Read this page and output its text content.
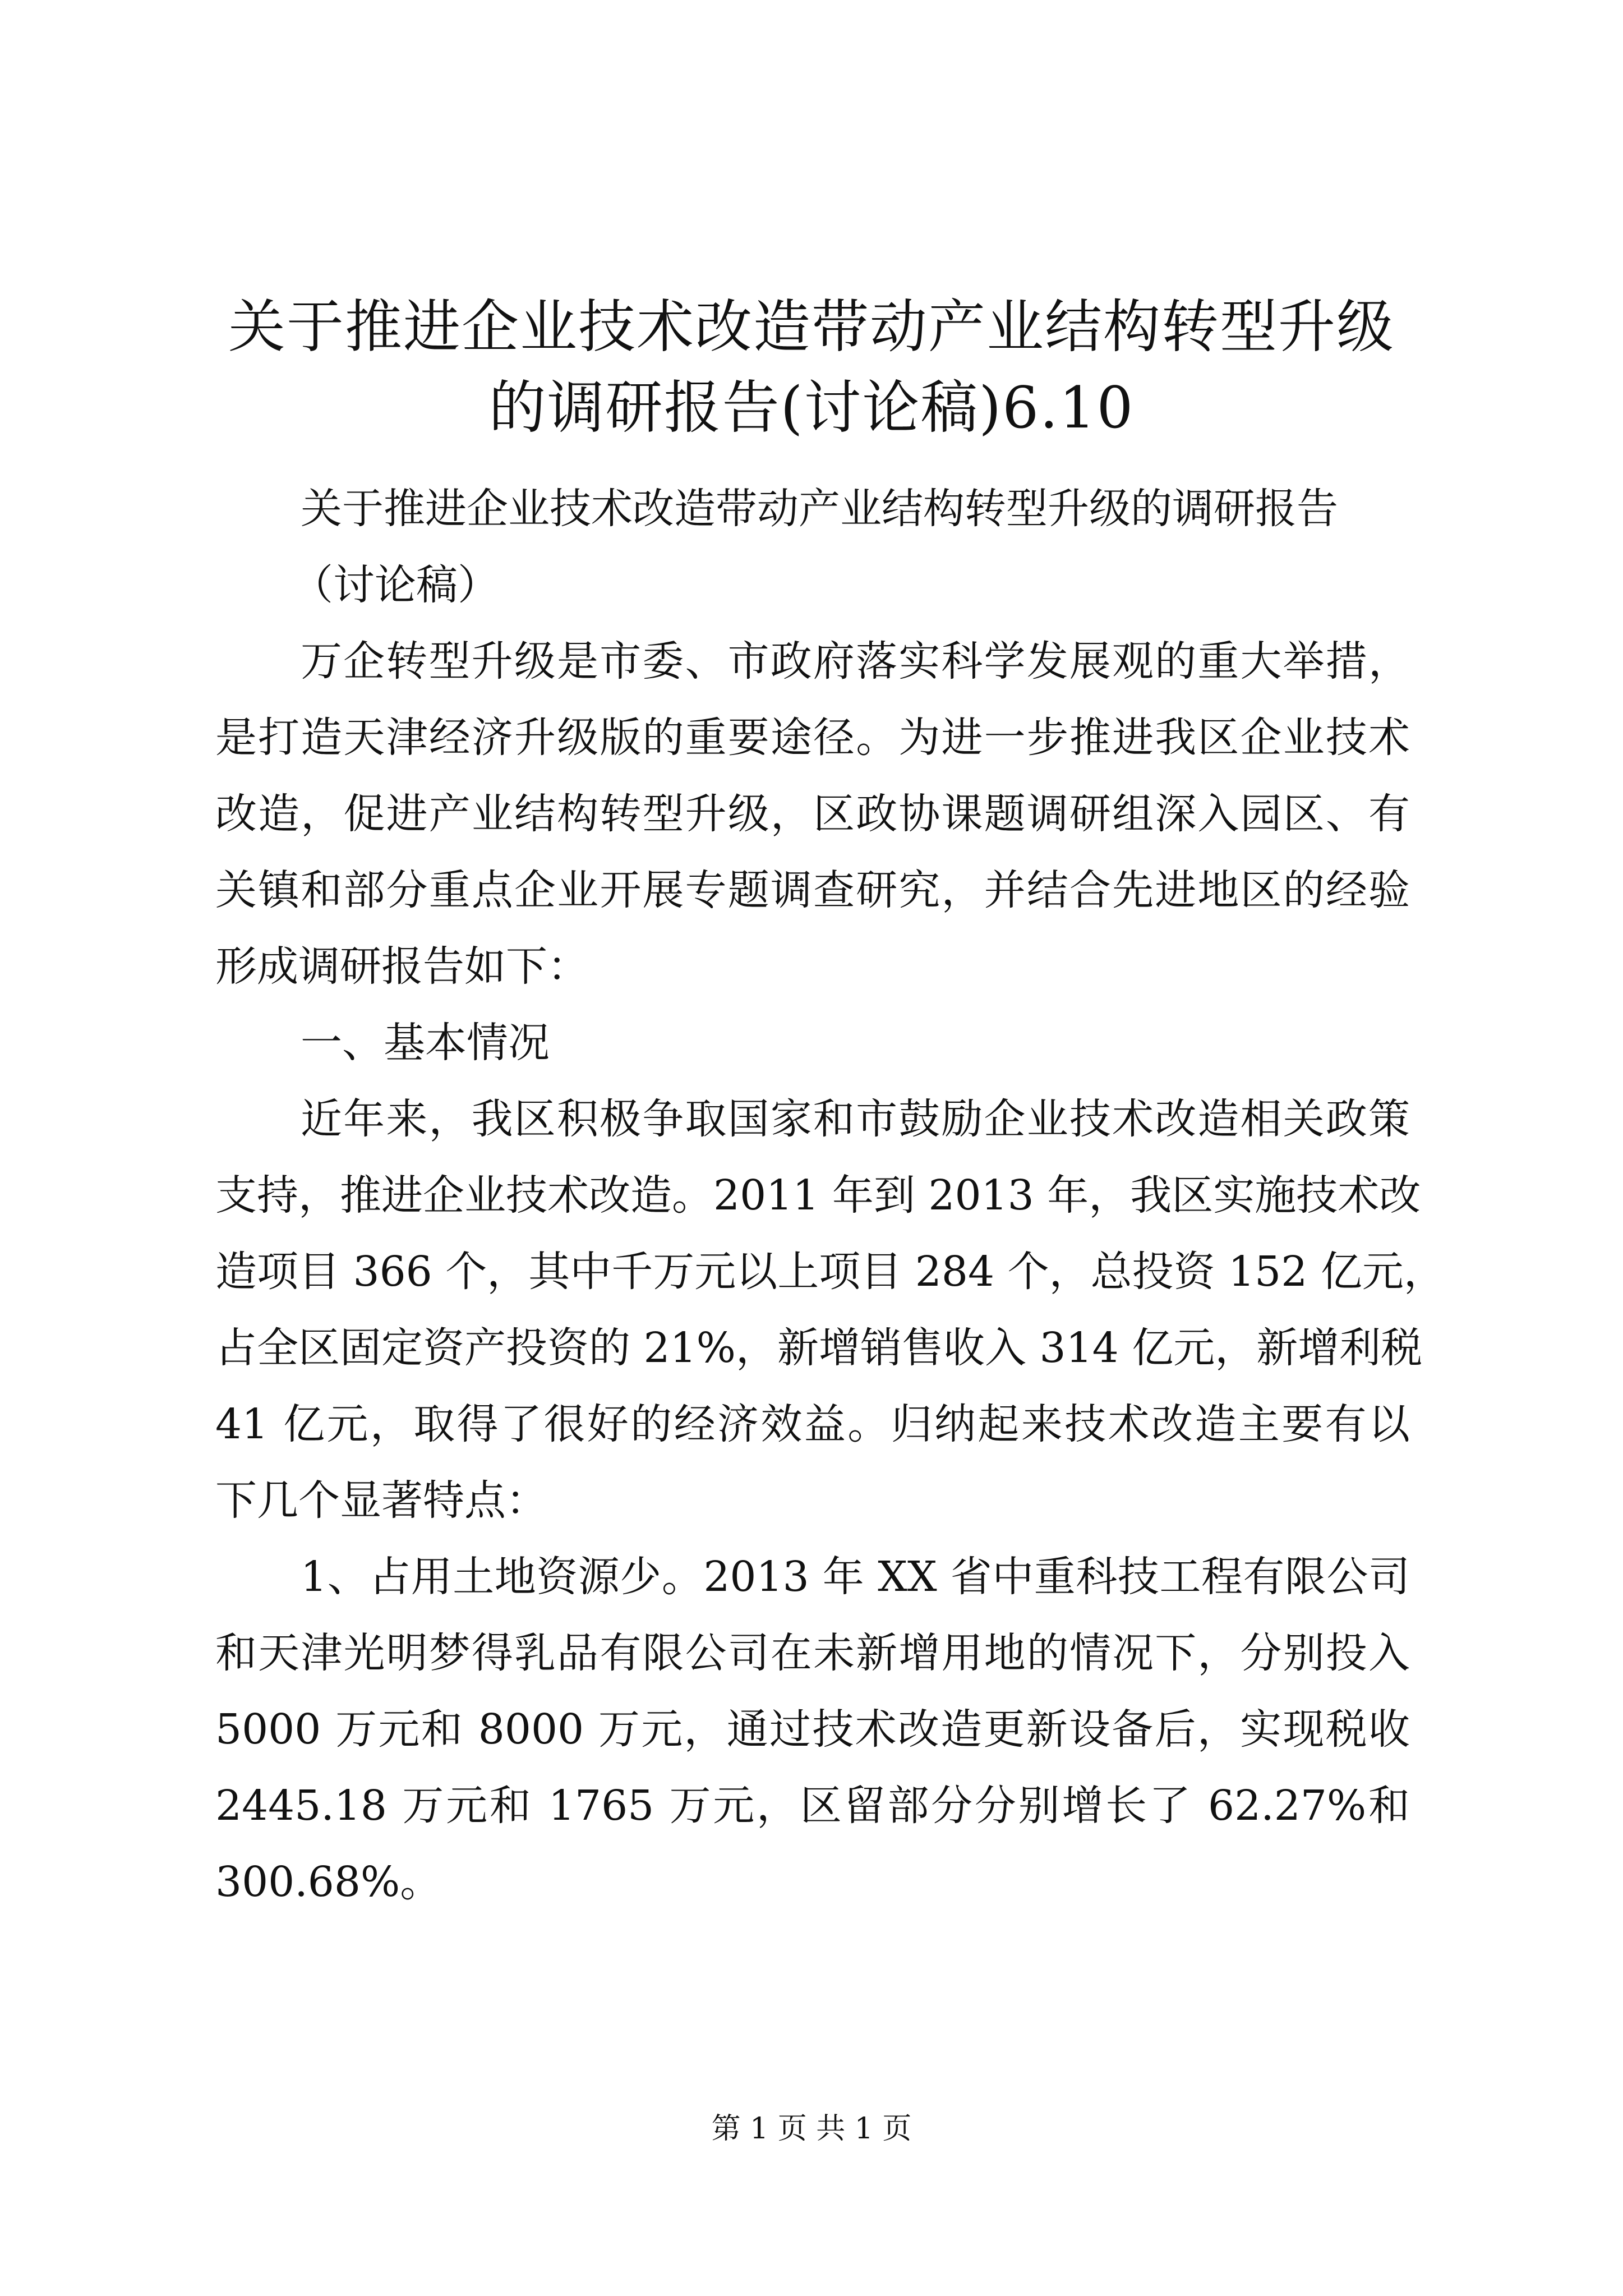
关于推进企业技术改造带动产业结构转型升级
的调研报告(讨论稿)6.10
关于推进企业技术改造带动产业结构转型升级的调研报告
（讨论稿）
万企转型升级是市委、市政府落实科学发展观的重大举措，
是打造天津经济升级版的重要途径。为进一步推进我区企业技术
改造，促进产业结构转型升级，区政协课题调研组深入园区、有
关镇和部分重点企业开展专题调查研究，并结合先进地区的经验
形成调研报告如下：
一、基本情况
近年来，我区积极争取国家和市鼓励企业技术改造相关政策
支持，推进企业技术改造。2011 年到 2013 年，我区实施技术改
造项目 366 个，其中千万元以上项目 284 个，总投资 152 亿元，
占全区固定资产投资的 21%，新增销售收入 314 亿元，新增利税
41 亿元，取得了很好的经济效益。归纳起来技术改造主要有以
下几个显著特点：
1、占用土地资源少。2013 年 XX 省中重科技工程有限公司
和天津光明梦得乳品有限公司在未新增用地的情况下，分别投入
5000 万元和 8000 万元，通过技术改造更新设备后，实现税收
2445.18 万元和 1765 万元，区留部分分别增长了 62.27%和
300.68%。
第 1 页 共 1 页
